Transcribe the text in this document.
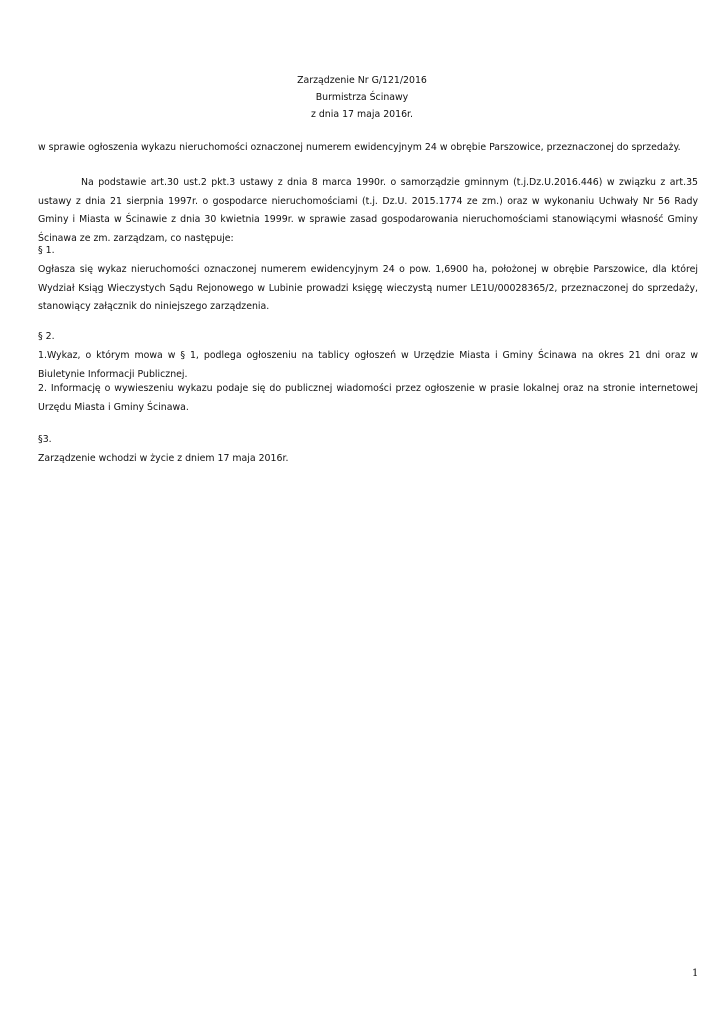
Zarządzenie Nr G/121/2016
Burmistrza Ścinawy
z dnia 17 maja 2016r.
w sprawie ogłoszenia wykazu nieruchomości oznaczonej numerem ewidencyjnym 24 w obrębie Parszowice, przeznaczonej do sprzedaży.

Na podstawie art.30 ust.2 pkt.3 ustawy z dnia 8 marca 1990r. o samorządzie gminnym (t.j.Dz.U.2016.446) w związku z art.35 ustawy z dnia 21 sierpnia 1997r. o gospodarce nieruchomościami (t.j. Dz.U. 2015.1774 ze zm.) oraz w wykonaniu Uchwały Nr 56 Rady Gminy i Miasta w Ścinawie z dnia 30 kwietnia 1999r. w sprawie zasad gospodarowania nieruchomościami stanowiącymi własność Gminy Ścinawa ze zm. zarządzam, co następuje:

§ 1.
Ogłasza się wykaz nieruchomości oznaczonej numerem ewidencyjnym 24 o pow. 1,6900 ha, położonej w obrębie Parszowice, dla której Wydział Ksiąg Wieczystych Sądu Rejonowego w Lubinie prowadzi księgę wieczystą numer LE1U/00028365/2, przeznaczonej do sprzedaży, stanowiący załącznik do niniejszego zarządzenia.
§ 2.
1.Wykaz, o którym mowa w § 1, podlega ogłoszeniu na tablicy ogłoszeń w Urzędzie Miasta i Gminy Ścinawa na okres 21 dni oraz w Biuletynie Informacji Publicznej.
2. Informację o wywieszeniu wykazu podaje się do publicznej wiadomości przez ogłoszenie w prasie lokalnej oraz na stronie internetowej Urzędu Miasta i Gminy Ścinawa.
§3.
Zarządzenie wchodzi w życie z dniem 17 maja 2016r.
1
